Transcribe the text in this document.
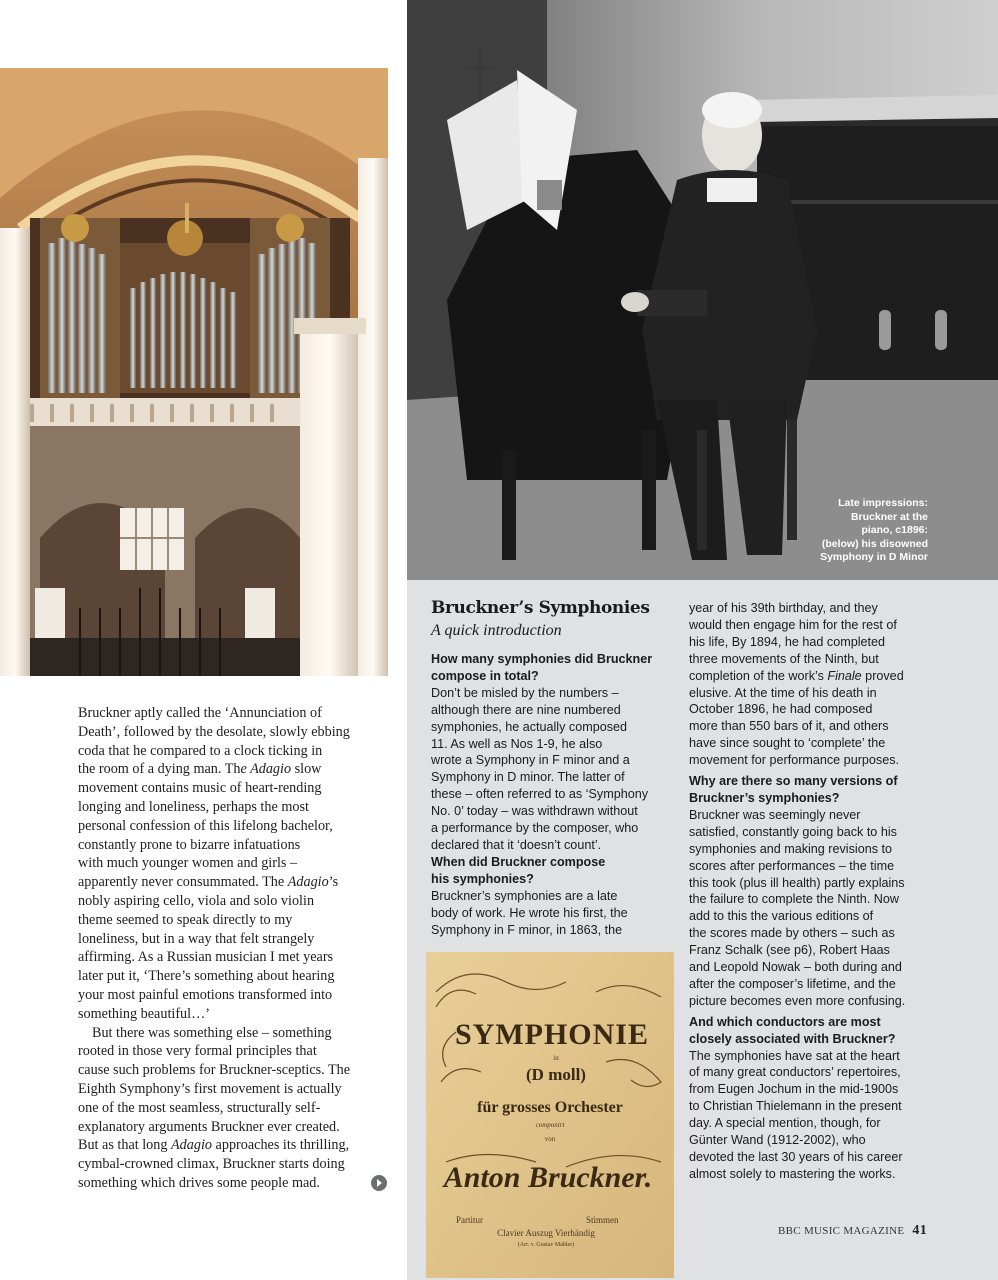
Late impressions:
Bruckner at the
piano, c1896:
(below) his disowned
Symphony in D Minor
Bruckner’s Symphonies
A quick introduction
How many symphonies did Bruckner
compose in total?
Don’t be misled by the numbers –
although there are nine numbered
symphonies, he actually composed
11. As well as Nos 1-9, he also
wrote a Symphony in F minor and a
Symphony in D minor. The latter of
these – often referred to as ‘Symphony
No. 0’ today – was withdrawn without
a performance by the composer, who
declared that it ‘doesn’t count’.
When did Bruckner compose
his symphonies?
Bruckner’s symphonies are a late
body of work. He wrote his first, the
Symphony in F minor, in 1863, the
year of his 39th birthday, and they
would then engage him for the rest of
his life, By 1894, he had completed
three movements of the Ninth, but
completion of the work’s Finale proved
elusive. At the time of his death in
October 1896, he had composed
more than 550 bars of it, and others
have since sought to ‘complete’ the
movement for performance purposes.
Why are there so many versions of
Bruckner’s symphonies?
Bruckner was seemingly never
satisfied, constantly going back to his
symphonies and making revisions to
scores after performances – the time
this took (plus ill health) partly explains
the failure to complete the Ninth. Now
add to this the various editions of
the scores made by others – such as
Franz Schalk (see p6), Robert Haas
and Leopold Nowak – both during and
after the composer’s lifetime, and the
picture becomes even more confusing.
And which conductors are most
closely associated with Bruckner?
The symphonies have sat at the heart
of many great conductors’ repertoires,
from Eugen Jochum in the mid-1900s
to Christian Thielemann in the present
day. A special mention, though, for
Günter Wand (1912-2002), who
devoted the last 30 years of his career
almost solely to mastering the works.
Bruckner aptly called the ‘Annunciation of
Death’, followed by the desolate, slowly ebbing
coda that he compared to a clock ticking in
the room of a dying man. The Adagio slow
movement contains music of heart-rending
longing and loneliness, perhaps the most
personal confession of this lifelong bachelor,
constantly prone to bizarre infatuations
with much younger women and girls –
apparently never consummated. The Adagio’s
nobly aspiring cello, viola and solo violin
theme seemed to speak directly to my
loneliness, but in a way that felt strangely
affirming. As a Russian musician I met years
later put it, ‘There’s something about hearing
your most painful emotions transformed into
something beautiful…’
But there was something else – something
rooted in those very formal principles that
cause such problems for Bruckner-sceptics. The
Eighth Symphony’s first movement is actually
one of the most seamless, structurally self-
explanatory arguments Bruckner ever created.
But as that long Adagio approaches its thrilling,
cymbal-crowned climax, Bruckner starts doing
something which drives some people mad.
SYMPHONIE
in
(D moll)
für grosses Orchester
componirt
von
Anton Bruckner.
Partitur	Stimmen
Clavier Auszug Vierhändig
(Arr. v. Gustav Mahler)
BBC MUSIC MAGAZINE 41
